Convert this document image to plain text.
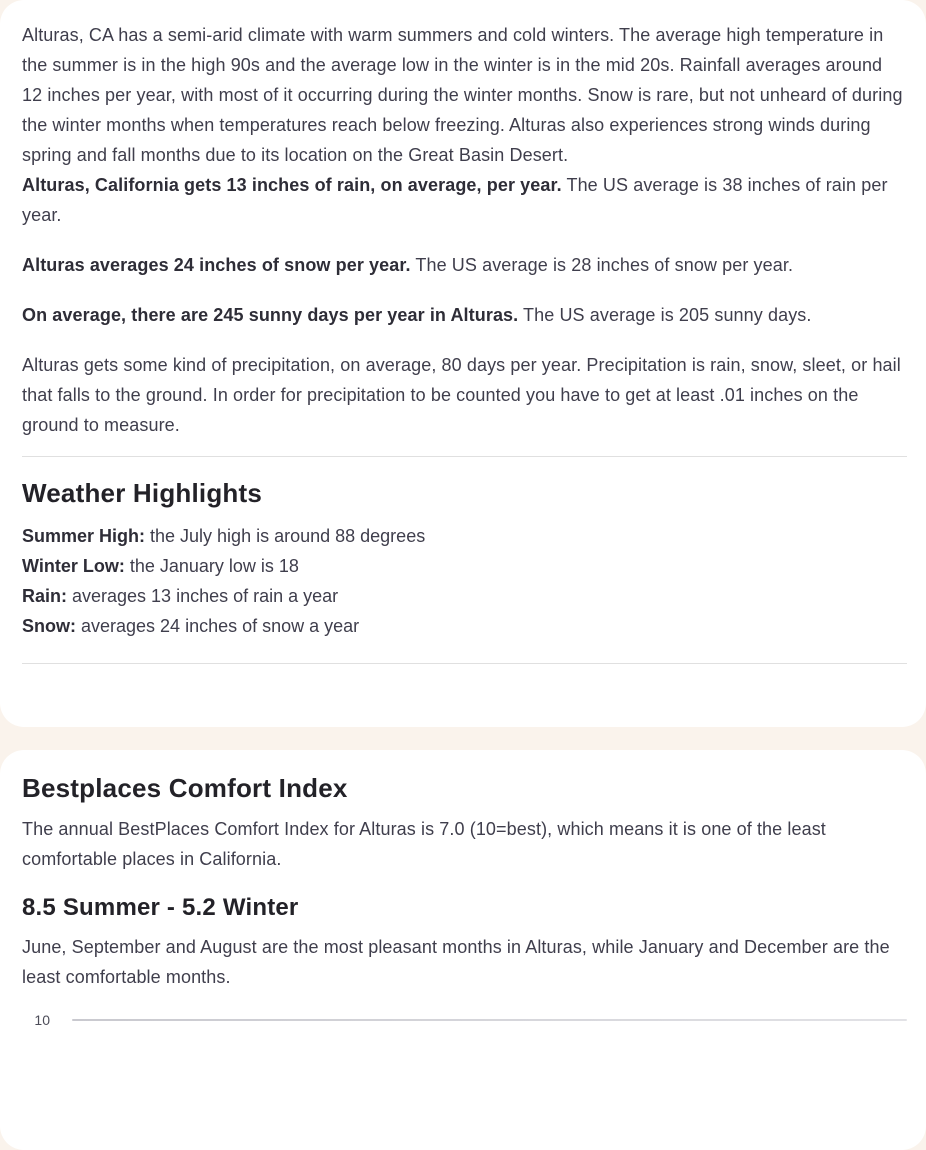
Alturas, CA has a semi-arid climate with warm summers and cold winters. The average high temperature in the summer is in the high 90s and the average low in the winter is in the mid 20s. Rainfall averages around 12 inches per year, with most of it occurring during the winter months. Snow is rare, but not unheard of during the winter months when temperatures reach below freezing. Alturas also experiences strong winds during spring and fall months due to its location on the Great Basin Desert.

Alturas, California gets 13 inches of rain, on average, per year. The US average is 38 inches of rain per year.

Alturas averages 24 inches of snow per year. The US average is 28 inches of snow per year.

On average, there are 245 sunny days per year in Alturas. The US average is 205 sunny days.

Alturas gets some kind of precipitation, on average, 80 days per year. Precipitation is rain, snow, sleet, or hail that falls to the ground. In order for precipitation to be counted you have to get at least .01 inches on the ground to measure.

Weather Highlights
Summer High: the July high is around 88 degrees
Winter Low: the January low is 18
Rain: averages 13 inches of rain a year
Snow: averages 24 inches of snow a year
Bestplaces Comfort Index

The annual BestPlaces Comfort Index for Alturas is 7.0 (10=best), which means it is one of the least comfortable places in California.

8.5 Summer - 5.2 Winter

June, September and August are the most pleasant months in Alturas, while January and December are the least comfortable months.

10
